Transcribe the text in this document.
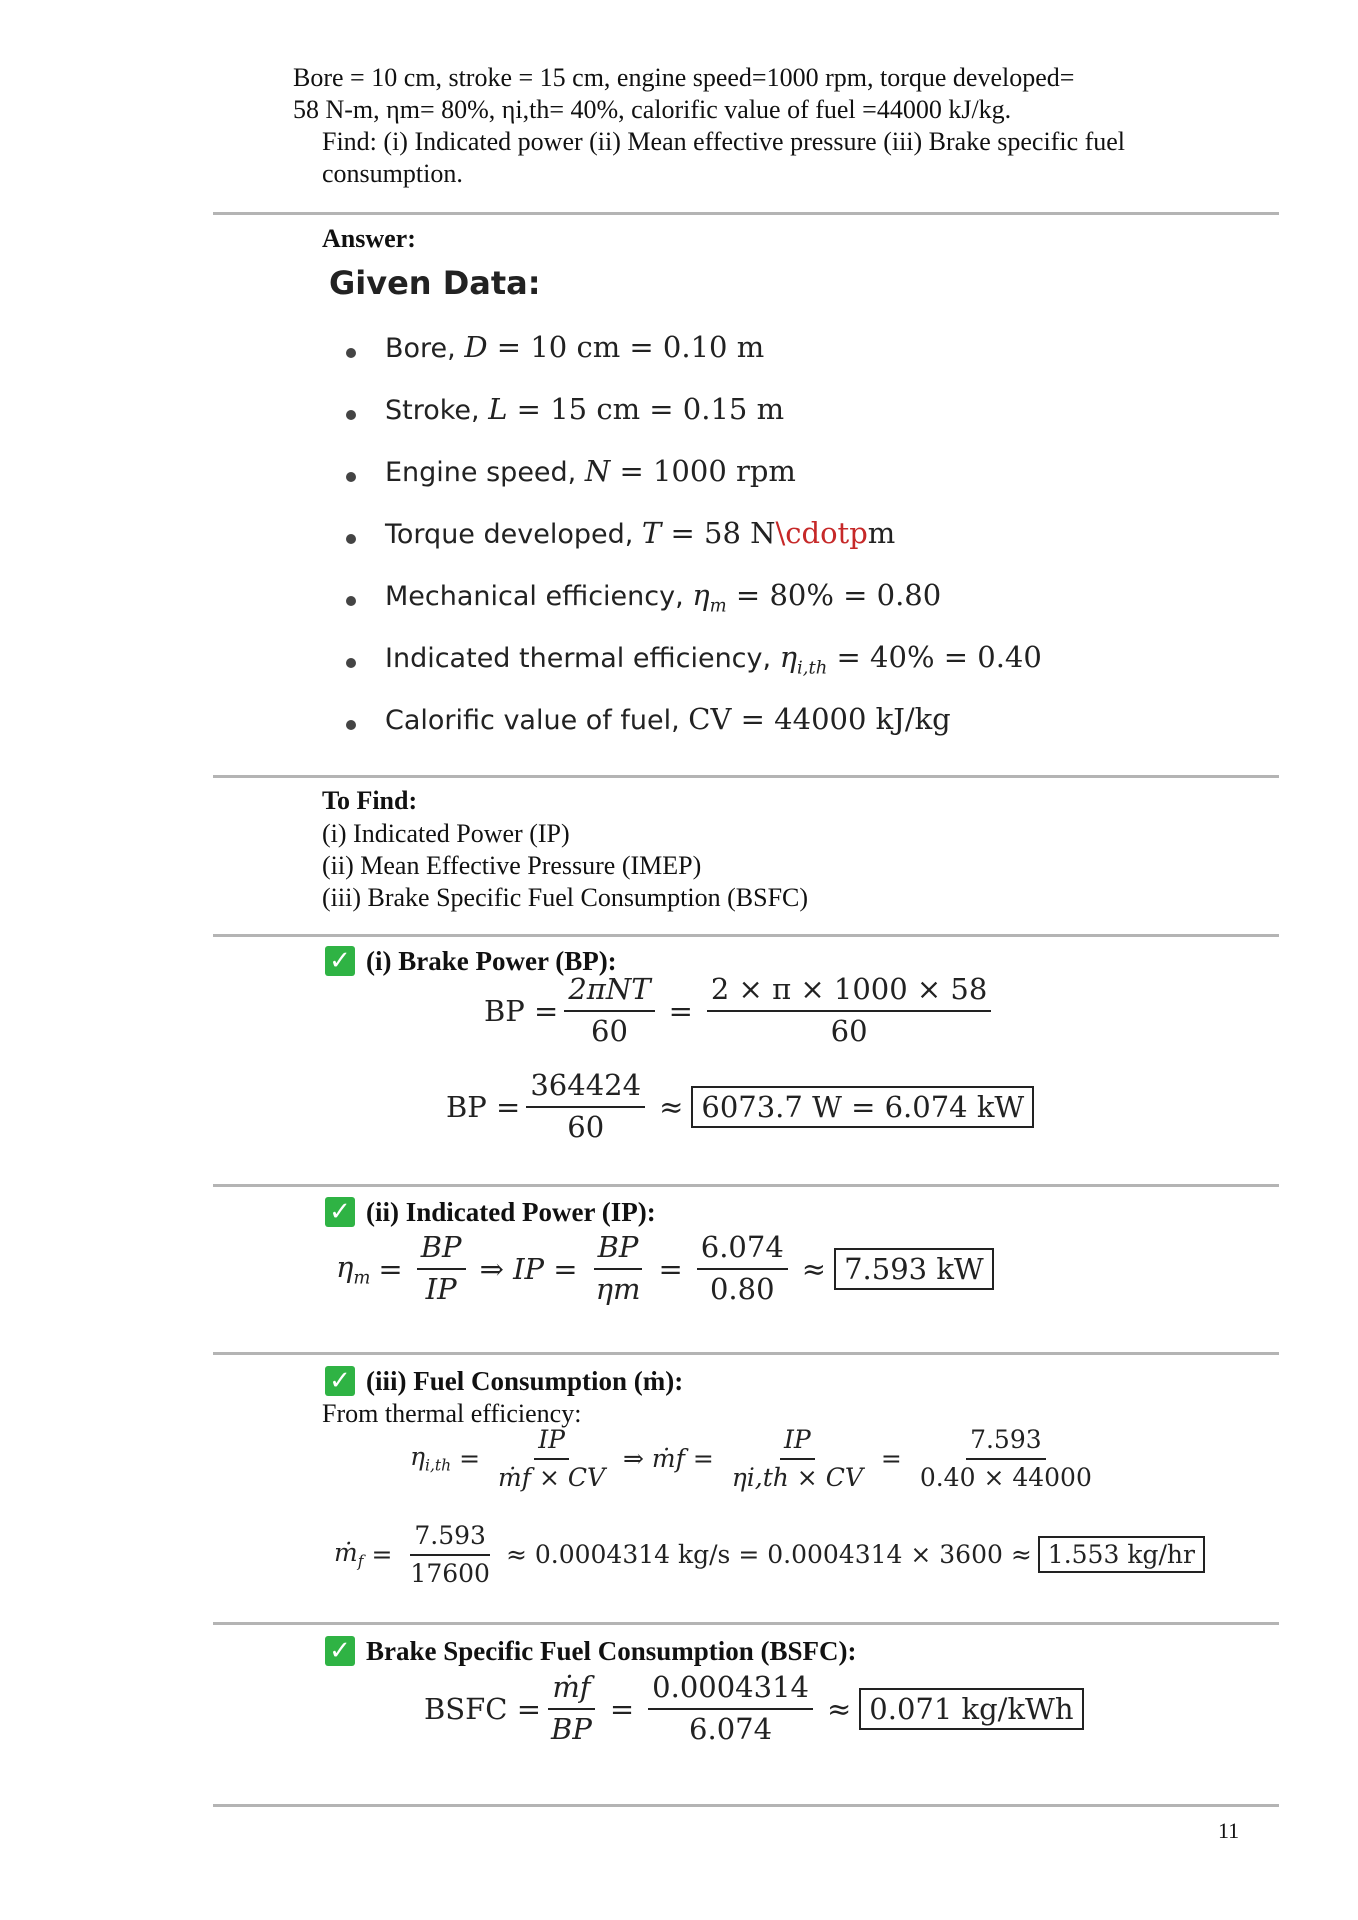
Bore = 10 cm, stroke = 15 cm, engine speed=1000 rpm, torque developed=
58 N-m, ηm= 80%, ηi,th= 40%, calorific value of fuel =44000 kJ/kg.
Find: (i) Indicated power (ii) Mean effective pressure (iii) Brake specific fuel
consumption.
Answer:
Given Data:
Bore, D = 10 cm = 0.10 m
Stroke, L = 15 cm = 0.15 m
Engine speed, N = 1000 rpm
Torque developed, T = 58 N\cdotpm
Mechanical efficiency, $\eta_m = 80\% = 0.80$
Indicated thermal efficiency, $\eta_{i,th} = 40\% = 0.40$
Calorific value of fuel, CV = 44000 kJ/kg
To Find:
(i) Indicated Power (IP)
(ii) Mean Effective Pressure (IMEP)
(iii) Brake Specific Fuel Consumption (BSFC)
✓ (i) Brake Power (BP):
BP = $\frac{\text{2πNT}}{60} = \frac{2 \times \pi \times 1000 \times 58}{60}$
BP = $\frac{364424}{60} \approx 6073.7$ W = 6.074 kW
✓ (ii) Indicated Power (IP):
$\eta_m = \frac{BP}{IP}$ ⇒ IP = $\frac{BP}{\eta m} = \frac{6.074}{0.80} \approx 7.593$ kW
✓ (iii) Fuel Consumption (ṁ):
From thermal efficiency:
$\eta_{i,th} = \frac{IP}{\text{ṁf × CV}}$ ⇒ ṁf = $\frac{IP}{\eta i,th \times CV} = \frac{7.593}{0.40 \times 44000}$
ṁ$_f$ = $\frac{7.593}{17600} \approx 0.0004314$ kg/s = 0.0004314 × 3600 ≈ 1.553 kg/hr
✓ Brake Specific Fuel Consumption (BSFC):
BSFC = $\frac{\text{ṁf}}{BP} = \frac{0.0004314}{6.074} \approx 0.071$ kg/kWh
11
